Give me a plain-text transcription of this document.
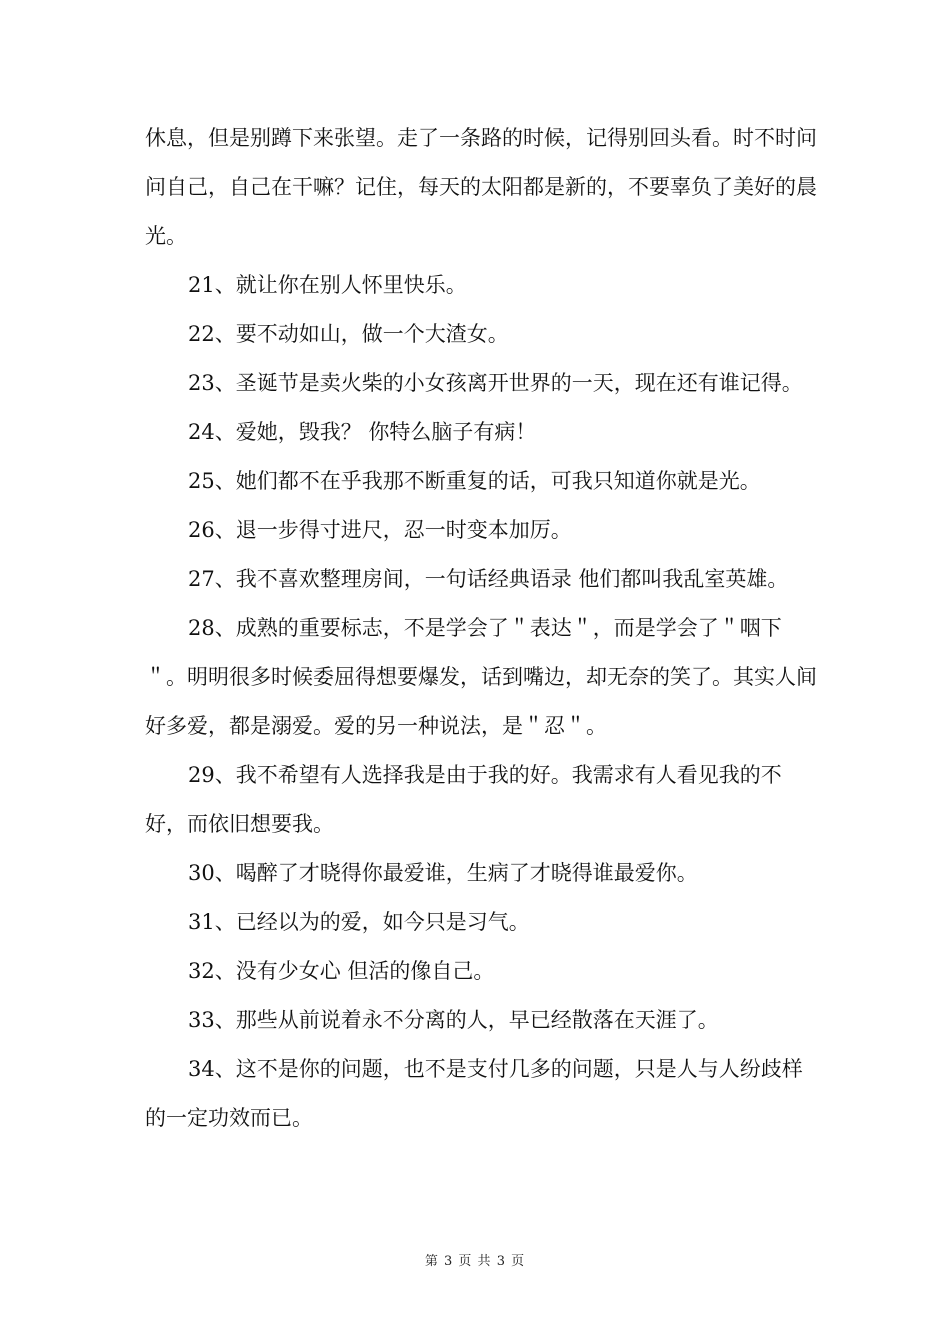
休息，但是别蹲下来张望。走了一条路的时候，记得别回头看。时不时问问自己，自己在干嘛？记住，每天的太阳都是新的，不要辜负了美好的晨光。

21、就让你在别人怀里快乐。

22、要不动如山，做一个大渣女。

23、圣诞节是卖火柴的小女孩离开世界的一天，现在还有谁记得。

24、爱她，毁我？ 你特么脑子有病！

25、她们都不在乎我那不断重复的话，可我只知道你就是光。

26、退一步得寸进尺，忍一时变本加厉。

27、我不喜欢整理房间，一句话经典语录 他们都叫我乱室英雄。

28、成熟的重要标志，不是学会了＂表达＂，而是学会了＂咽下＂。明明很多时候委屈得想要爆发，话到嘴边，却无奈的笑了。其实人间好多爱，都是溺爱。爱的另一种说法，是＂忍＂。

29、我不希望有人选择我是由于我的好。我需求有人看见我的不好，而依旧想要我。

30、喝醉了才晓得你最爱谁，生病了才晓得谁最爱你。

31、已经以为的爱，如今只是习气。

32、没有少女心 但活的像自己。

33、那些从前说着永不分离的人，早已经散落在天涯了。

34、这不是你的问题，也不是支付几多的问题，只是人与人纷歧样的一定功效而已。

第 3 页 共 3 页
